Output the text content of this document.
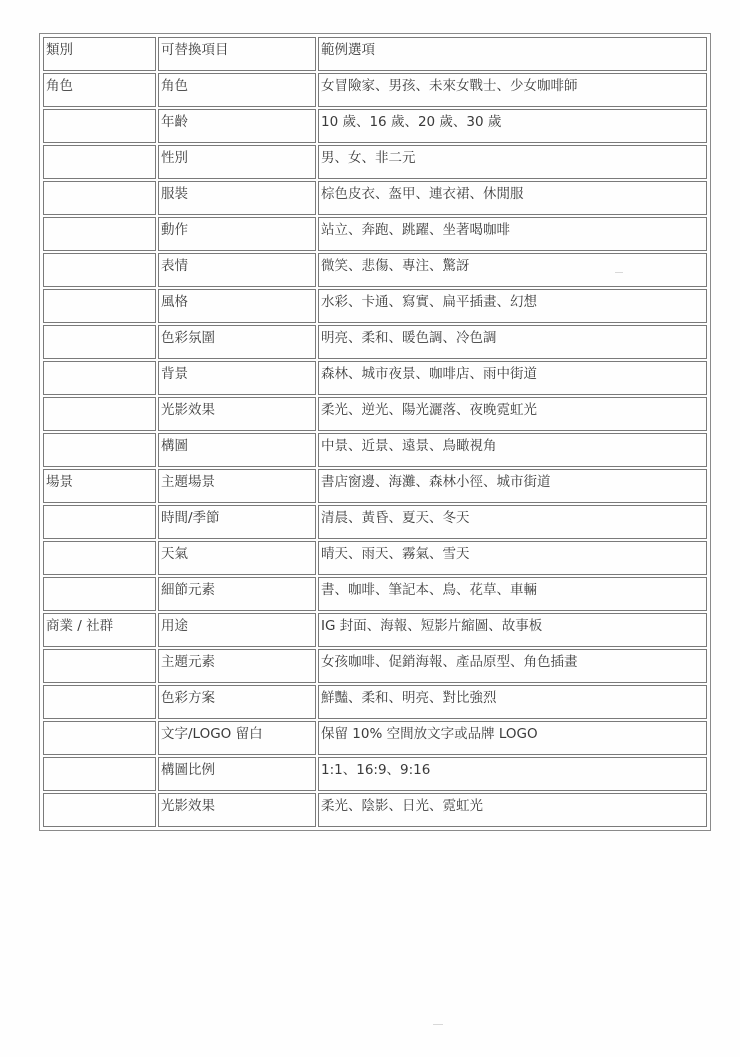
類別	可替換項目	範例選項
角色	角色	女冒險家、男孩、未來女戰士、少女咖啡師
	年齡	10 歲、16 歲、20 歲、30 歲
	性別	男、女、非二元
	服裝	棕色皮衣、盔甲、連衣裙、休閒服
	動作	站立、奔跑、跳躍、坐著喝咖啡
	表情	微笑、悲傷、專注、驚訝
	風格	水彩、卡通、寫實、扁平插畫、幻想
	色彩氛圍	明亮、柔和、暖色調、冷色調
	背景	森林、城市夜景、咖啡店、雨中街道
	光影效果	柔光、逆光、陽光灑落、夜晚霓虹光
	構圖	中景、近景、遠景、鳥瞰視角
場景	主題場景	書店窗邊、海灘、森林小徑、城市街道
	時間/季節	清晨、黃昏、夏天、冬天
	天氣	晴天、雨天、霧氣、雪天
	細節元素	書、咖啡、筆記本、鳥、花草、車輛
商業 / 社群	用途	IG 封面、海報、短影片縮圖、故事板
	主題元素	女孩咖啡、促銷海報、產品原型、角色插畫
	色彩方案	鮮豔、柔和、明亮、對比強烈
	文字/LOGO 留白	保留 10% 空間放文字或品牌 LOGO
	構圖比例	1:1、16:9、9:16
	光影效果	柔光、陰影、日光、霓虹光
